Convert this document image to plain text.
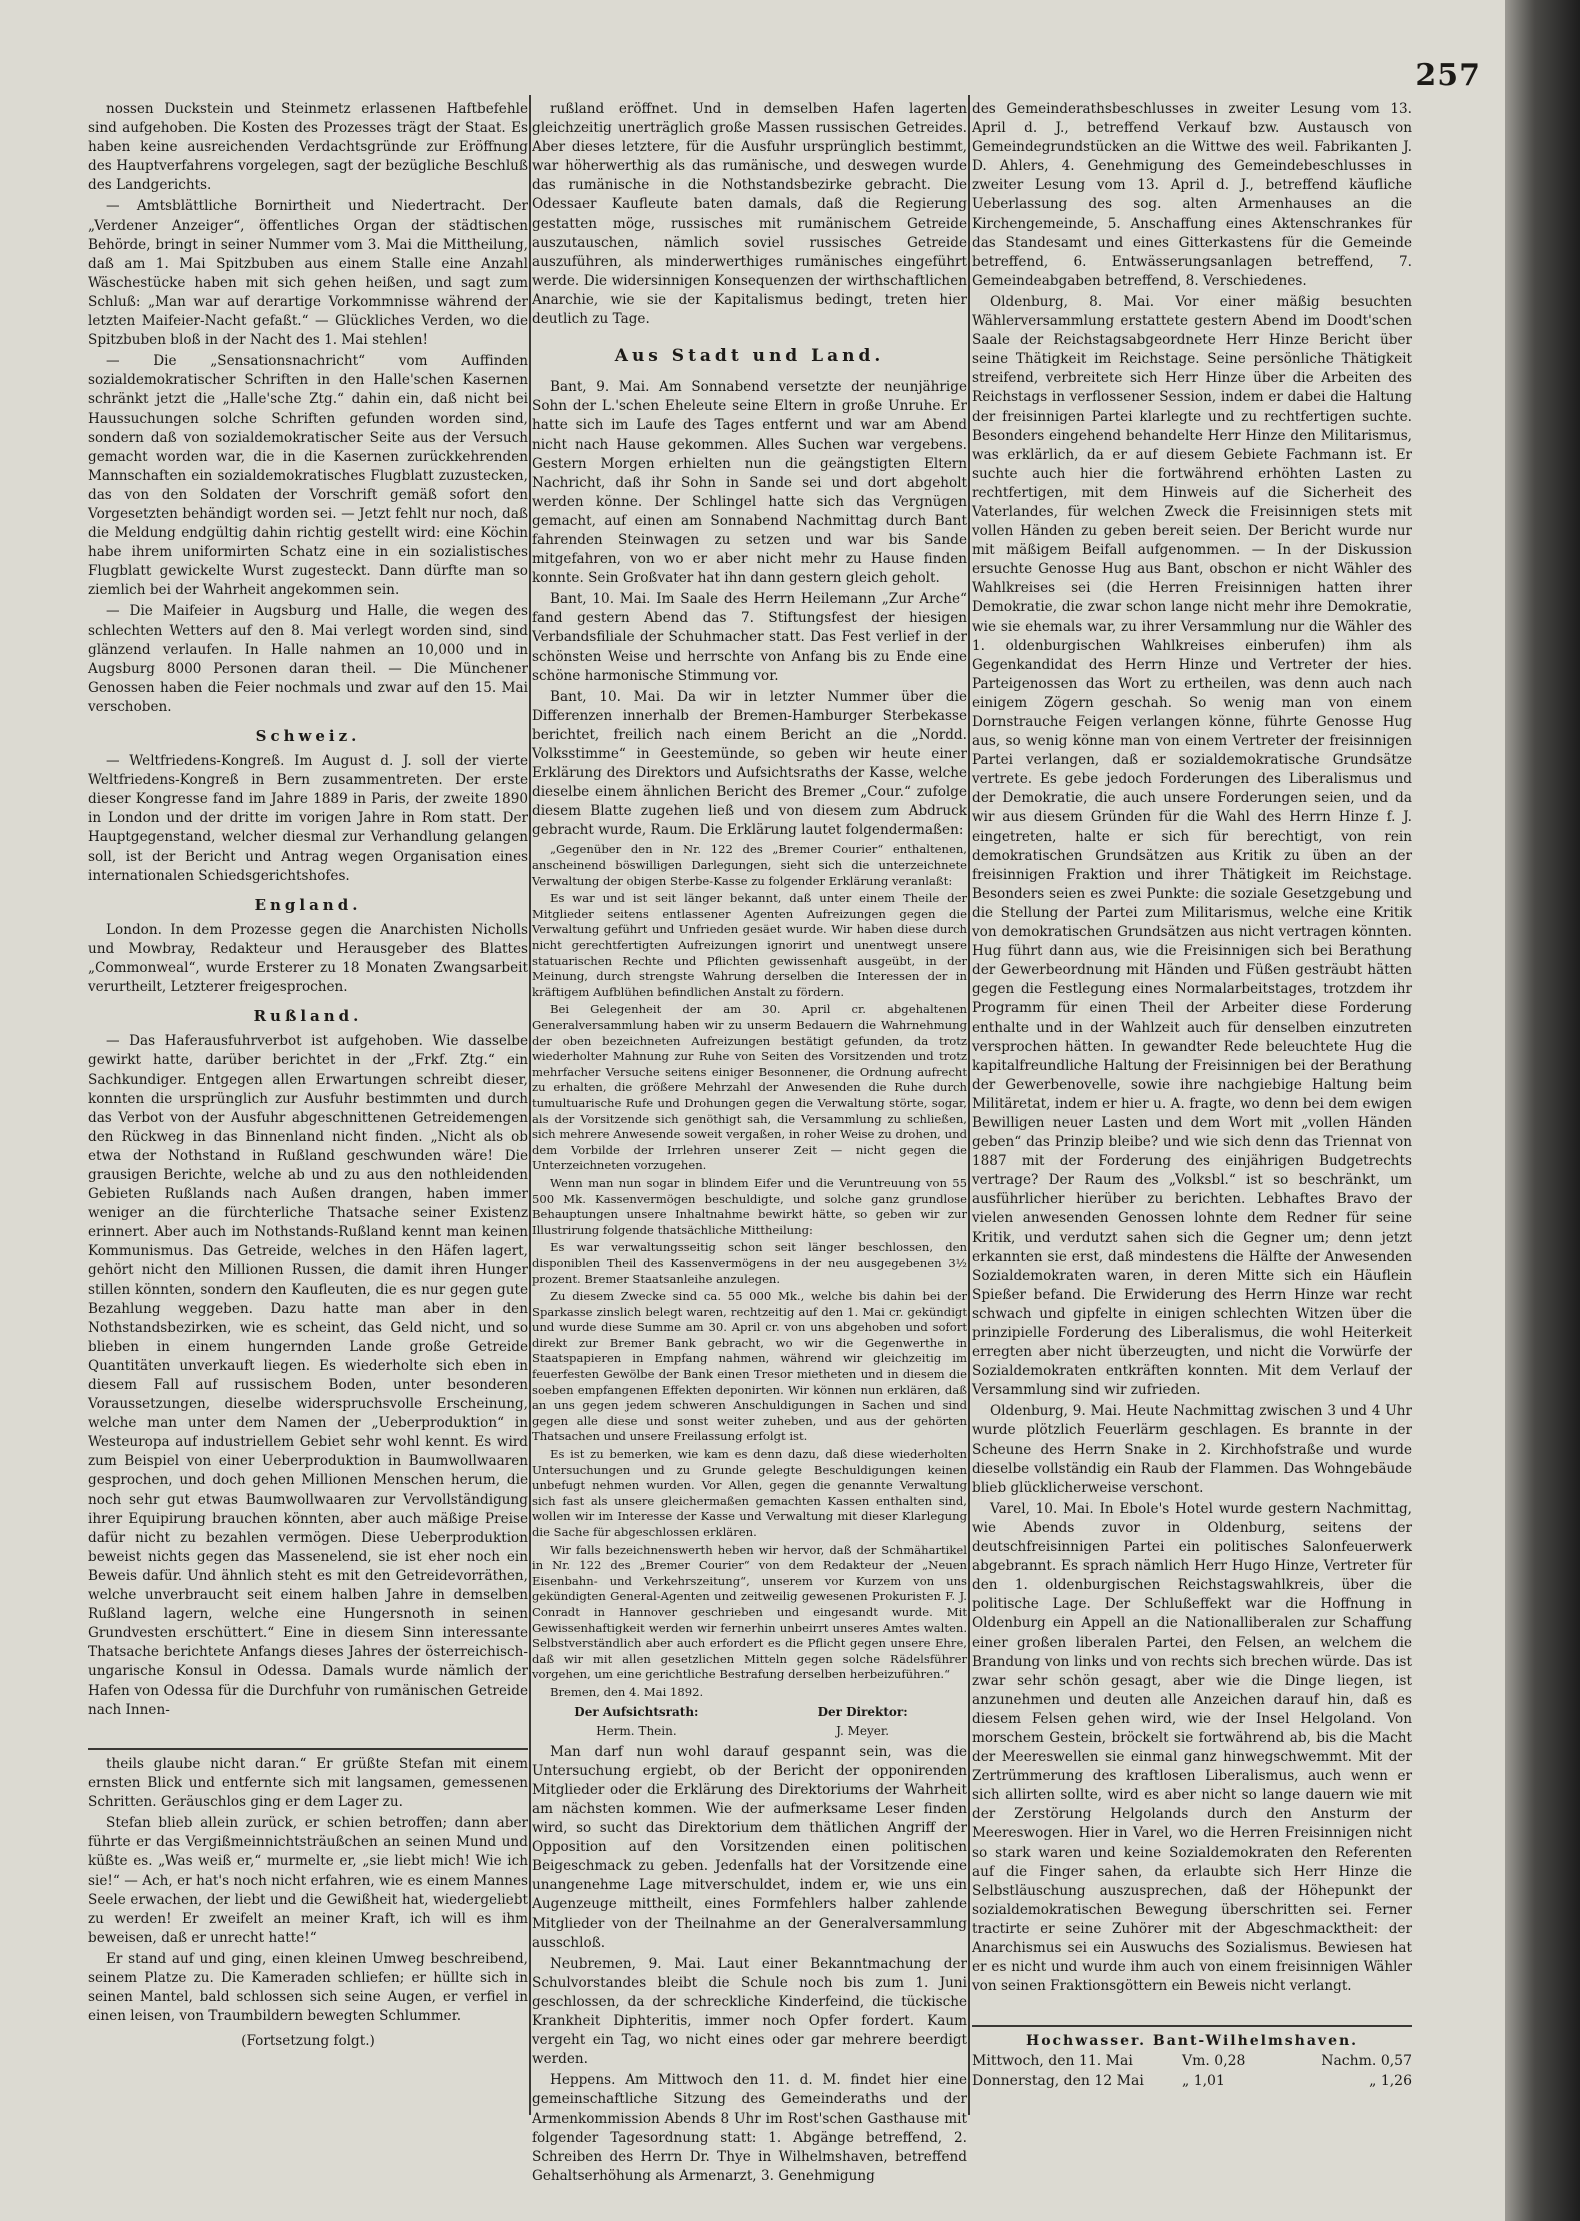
257

nossen Duckstein und Steinmetz erlassenen Haftbefehle sind aufgehoben. Die Kosten des Prozesses trägt der Staat. Es haben keine ausreichenden Verdachtsgründe zur Eröffnung des Hauptverfahrens vorgelegen, sagt der bezügliche Beschluß des Landgerichts.

— Amtsblättliche Bornirtheit und Niedertracht. Der „Verdener Anzeiger“, öffentliches Organ der städtischen Behörde, bringt in seiner Nummer vom 3. Mai die Mittheilung, daß am 1. Mai Spitzbuben aus einem Stalle eine Anzahl Wäschestücke haben mit sich gehen heißen, und sagt zum Schluß: „Man war auf derartige Vorkommnisse während der letzten Maifeier-Nacht gefaßt.“ — Glückliches Verden, wo die Spitzbuben bloß in der Nacht des 1. Mai stehlen!

— Die „Sensationsnachricht“ vom Auffinden sozialdemokratischer Schriften in den Halle'schen Kasernen schränkt jetzt die „Halle'sche Ztg.“ dahin ein, daß nicht bei Haussuchungen solche Schriften gefunden worden sind, sondern daß von sozialdemokratischer Seite aus der Versuch gemacht worden war, die in die Kasernen zurückkehrenden Mannschaften ein sozialdemokratisches Flugblatt zuzustecken, das von den Soldaten der Vorschrift gemäß sofort den Vorgesetzten behändigt worden sei. — Jetzt fehlt nur noch, daß die Meldung endgültig dahin richtig gestellt wird: eine Köchin habe ihrem uniformirten Schatz eine in ein sozialistisches Flugblatt gewickelte Wurst zugesteckt. Dann dürfte man so ziemlich bei der Wahrheit angekommen sein.

— Die Maifeier in Augsburg und Halle, die wegen des schlechten Wetters auf den 8. Mai verlegt worden sind, sind glänzend verlaufen. In Halle nahmen an 10,000 und in Augsburg 8000 Personen daran theil. — Die Münchener Genossen haben die Feier nochmals und zwar auf den 15. Mai verschoben.

Schweiz.

— Weltfriedens-Kongreß. Im August d. J. soll der vierte Weltfriedens-Kongreß in Bern zusammentreten. Der erste dieser Kongresse fand im Jahre 1889 in Paris, der zweite 1890 in London und der dritte im vorigen Jahre in Rom statt. Der Hauptgegenstand, welcher diesmal zur Verhandlung gelangen soll, ist der Bericht und Antrag wegen Organisation eines internationalen Schiedsgerichtshofes.

England.

London. In dem Prozesse gegen die Anarchisten Nicholls und Mowbray, Redakteur und Herausgeber des Blattes „Commonweal“, wurde Ersterer zu 18 Monaten Zwangsarbeit verurtheilt, Letzterer freigesprochen.

Rußland.

— Das Haferausfuhrverbot ist aufgehoben. Wie dasselbe gewirkt hatte, darüber berichtet in der „Frkf. Ztg.“ ein Sachkundiger. Entgegen allen Erwartungen schreibt dieser, konnten die ursprünglich zur Ausfuhr bestimmten und durch das Verbot von der Ausfuhr abgeschnittenen Getreidemengen den Rückweg in das Binnenland nicht finden. „Nicht als ob etwa der Nothstand in Rußland geschwunden wäre! Die grausigen Berichte, welche ab und zu aus den nothleidenden Gebieten Rußlands nach Außen drangen, haben immer weniger an die fürchterliche Thatsache seiner Existenz erinnert. Aber auch im Nothstands-Rußland kennt man keinen Kommunismus. Das Getreide, welches in den Häfen lagert, gehört nicht den Millionen Russen, die damit ihren Hunger stillen könnten, sondern den Kaufleuten, die es nur gegen gute Bezahlung weggeben. Dazu hatte man aber in den Nothstandsbezirken, wie es scheint, das Geld nicht, und so blieben in einem hungernden Lande große Getreide Quantitäten unverkauft liegen. Es wiederholte sich eben in diesem Fall auf russischem Boden, unter besonderen Voraussetzungen, dieselbe widerspruchsvolle Erscheinung, welche man unter dem Namen der „Ueberproduktion“ in Westeuropa auf industriellem Gebiet sehr wohl kennt. Es wird zum Beispiel von einer Ueberproduktion in Baumwollwaaren gesprochen, und doch gehen Millionen Menschen herum, die noch sehr gut etwas Baumwollwaaren zur Vervollständigung ihrer Equipirung brauchen könnten, aber auch mäßige Preise dafür nicht zu bezahlen vermögen. Diese Ueberproduktion beweist nichts gegen das Massenelend, sie ist eher noch ein Beweis dafür. Und ähnlich steht es mit den Getreidevorräthen, welche unverbraucht seit einem halben Jahre in demselben Rußland lagern, welche eine Hungersnoth in seinen Grundvesten erschüttert.“ Eine in diesem Sinn interessante Thatsache berichtete Anfangs dieses Jahres der österreichisch-ungarische Konsul in Odessa. Damals wurde nämlich der Hafen von Odessa für die Durchfuhr von rumänischen Getreide nach Innen-

theils glaube nicht daran.“ Er grüßte Stefan mit einem ernsten Blick und entfernte sich mit langsamen, gemessenen Schritten. Geräuschlos ging er dem Lager zu.

Stefan blieb allein zurück, er schien betroffen; dann aber führte er das Vergißmeinnichtsträußchen an seinen Mund und küßte es. „Was weiß er,“ murmelte er, „sie liebt mich! Wie ich sie!“ — Ach, er hat's noch nicht erfahren, wie es einem Mannes Seele erwachen, der liebt und die Gewißheit hat, wiedergeliebt zu werden! Er zweifelt an meiner Kraft, ich will es ihm beweisen, daß er unrecht hatte!“

Er stand auf und ging, einen kleinen Umweg beschreibend, seinem Platze zu. Die Kameraden schliefen; er hüllte sich in seinen Mantel, bald schlossen sich seine Augen, er verfiel in einen leisen, von Traumbildern bewegten Schlummer.

(Fortsetzung folgt.)

rußland eröffnet. Und in demselben Hafen lagerten gleichzeitig unerträglich große Massen russischen Getreides. Aber dieses letztere, für die Ausfuhr ursprünglich bestimmt, war höherwerthig als das rumänische, und deswegen wurde das rumänische in die Nothstandsbezirke gebracht. Die Odessaer Kaufleute baten damals, daß die Regierung gestatten möge, russisches mit rumänischem Getreide auszutauschen, nämlich soviel russisches Getreide auszuführen, als minderwerthiges rumänisches eingeführt werde. Die widersinnigen Konsequenzen der wirthschaftlichen Anarchie, wie sie der Kapitalismus bedingt, treten hier deutlich zu Tage.

Aus Stadt und Land.

Bant, 9. Mai. Am Sonnabend versetzte der neunjährige Sohn der L.'schen Eheleute seine Eltern in große Unruhe. Er hatte sich im Laufe des Tages entfernt und war am Abend nicht nach Hause gekommen. Alles Suchen war vergebens. Gestern Morgen erhielten nun die geängstigten Eltern Nachricht, daß ihr Sohn in Sande sei und dort abgeholt werden könne. Der Schlingel hatte sich das Vergnügen gemacht, auf einen am Sonnabend Nachmittag durch Bant fahrenden Steinwagen zu setzen und war bis Sande mitgefahren, von wo er aber nicht mehr zu Hause finden konnte. Sein Großvater hat ihn dann gestern gleich geholt.

Bant, 10. Mai. Im Saale des Herrn Heilemann „Zur Arche“ fand gestern Abend das 7. Stiftungsfest der hiesigen Verbandsfiliale der Schuhmacher statt. Das Fest verlief in der schönsten Weise und herrschte von Anfang bis zu Ende eine schöne harmonische Stimmung vor.

Bant, 10. Mai. Da wir in letzter Nummer über die Differenzen innerhalb der Bremen-Hamburger Sterbekasse berichtet, freilich nach einem Bericht an die „Nordd. Volksstimme“ in Geestemünde, so geben wir heute einer Erklärung des Direktors und Aufsichtsraths der Kasse, welche dieselbe einem ähnlichen Bericht des Bremer „Cour.“ zufolge diesem Blatte zugehen ließ und von diesem zum Abdruck gebracht wurde, Raum. Die Erklärung lautet folgendermaßen:

„Gegenüber den in Nr. 122 des „Bremer Courier“ enthaltenen, anscheinend böswilligen Darlegungen, sieht sich die unterzeichnete Verwaltung der obigen Sterbe-Kasse zu folgender Erklärung veranlaßt:

Es war und ist seit länger bekannt, daß unter einem Theile der Mitglieder seitens entlassener Agenten Aufreizungen gegen die Verwaltung geführt und Unfrieden gesäet wurde. Wir haben diese durch nicht gerechtfertigten Aufreizungen ignorirt und unentwegt unsere statuarischen Rechte und Pflichten gewissenhaft ausgeübt, in der Meinung, durch strengste Wahrung derselben die Interessen der in kräftigem Aufblühen befindlichen Anstalt zu fördern.

Bei Gelegenheit der am 30. April cr. abgehaltenen Generalversammlung haben wir zu unserm Bedauern die Wahrnehmung der oben bezeichneten Aufreizungen bestätigt gefunden, da trotz wiederholter Mahnung zur Ruhe von Seiten des Vorsitzenden und trotz mehrfacher Versuche seitens einiger Besonnener, die Ordnung aufrecht zu erhalten, die größere Mehrzahl der Anwesenden die Ruhe durch tumultuarische Rufe und Drohungen gegen die Verwaltung störte, sogar, als der Vorsitzende sich genöthigt sah, die Versammlung zu schließen, sich mehrere Anwesende soweit vergaßen, in roher Weise zu drohen, und dem Vorbilde der Irrlehren unserer Zeit — nicht gegen die Unterzeichneten vorzugehen.

Wenn man nun sogar in blindem Eifer und die Veruntreuung von 55 500 Mk. Kassenvermögen beschuldigte, und solche ganz grundlose Behauptungen unsere Inhaltnahme bewirkt hätte, so geben wir zur Illustrirung folgende thatsächliche Mittheilung:

Es war verwaltungsseitig schon seit länger beschlossen, den disponiblen Theil des Kassenvermögens in der neu ausgegebenen 3½ prozent. Bremer Staatsanleihe anzulegen.

Zu diesem Zwecke sind ca. 55 000 Mk., welche bis dahin bei der Sparkasse zinslich belegt waren, rechtzeitig auf den 1. Mai cr. gekündigt und wurde diese Summe am 30. April cr. von uns abgehoben und sofort direkt zur Bremer Bank gebracht, wo wir die Gegenwerthe in Staatspapieren in Empfang nahmen, während wir gleichzeitig im feuerfesten Gewölbe der Bank einen Tresor mietheten und in diesem die soeben empfangenen Effekten deponirten. Wir können nun erklären, daß an uns gegen jedem schweren Anschuldigungen in Sachen und sind gegen alle diese und sonst weiter zuheben, und aus der gehörten Thatsachen und unsere Freilassung erfolgt ist.

Es ist zu bemerken, wie kam es denn dazu, daß diese wiederholten Untersuchungen und zu Grunde gelegte Beschuldigungen keinen unbefugt nehmen wurden. Vor Allen, gegen die genannte Verwaltung sich fast als unsere gleichermaßen gemachten Kassen enthalten sind, wollen wir im Interesse der Kasse und Verwaltung mit dieser Klarlegung die Sache für abgeschlossen erklären.

Wir falls bezeichnenswerth heben wir hervor, daß der Schmähartikel in Nr. 122 des „Bremer Courier“ von dem Redakteur der „Neuen Eisenbahn- und Verkehrszeitung“, unserem vor Kurzem von uns gekündigten General-Agenten und zeitweilig gewesenen Prokuristen F. J. Conradt in Hannover geschrieben und eingesandt wurde. Mit Gewissenhaftigkeit werden wir fernerhin unbeirrt unseres Amtes walten. Selbstverständlich aber auch erfordert es die Pflicht gegen unsere Ehre, daß wir mit allen gesetzlichen Mitteln gegen solche Rädelsführer vorgehen, um eine gerichtliche Bestrafung derselben herbeizuführen.“

Bremen, den 4. Mai 1892.

Der Aufsichtsrath:
Herm. Thein.
Der Direktor:
J. Meyer.

Man darf nun wohl darauf gespannt sein, was die Untersuchung ergiebt, ob der Bericht der opponirenden Mitglieder oder die Erklärung des Direktoriums der Wahrheit am nächsten kommen. Wie der aufmerksame Leser finden wird, so sucht das Direktorium dem thätlichen Angriff der Opposition auf den Vorsitzenden einen politischen Beigeschmack zu geben. Jedenfalls hat der Vorsitzende eine unangenehme Lage mitverschuldet, indem er, wie uns ein Augenzeuge mittheilt, eines Formfehlers halber zahlende Mitglieder von der Theilnahme an der Generalversammlung ausschloß.

Neubremen, 9. Mai. Laut einer Bekanntmachung der Schulvorstandes bleibt die Schule noch bis zum 1. Juni geschlossen, da der schreckliche Kinderfeind, die tückische Krankheit Diphteritis, immer noch Opfer fordert. Kaum vergeht ein Tag, wo nicht eines oder gar mehrere beerdigt werden.

Heppens. Am Mittwoch den 11. d. M. findet hier eine gemeinschaftliche Sitzung des Gemeinderaths und der Armenkommission Abends 8 Uhr im Rost'schen Gasthause mit folgender Tagesordnung statt: 1. Abgänge betreffend, 2. Schreiben des Herrn Dr. Thye in Wilhelmshaven, betreffend Gehaltserhöhung als Armenarzt, 3. Genehmigung

des Gemeinderathsbeschlusses in zweiter Lesung vom 13. April d. J., betreffend Verkauf bzw. Austausch von Gemeindegrundstücken an die Wittwe des weil. Fabrikanten J. D. Ahlers, 4. Genehmigung des Gemeindebeschlusses in zweiter Lesung vom 13. April d. J., betreffend käufliche Ueberlassung des sog. alten Armenhauses an die Kirchengemeinde, 5. Anschaffung eines Aktenschrankes für das Standesamt und eines Gitterkastens für die Gemeinde betreffend, 6. Entwässerungsanlagen betreffend, 7. Gemeindeabgaben betreffend, 8. Verschiedenes.

Oldenburg, 8. Mai. Vor einer mäßig besuchten Wählerversammlung erstattete gestern Abend im Doodt'schen Saale der Reichstagsabgeordnete Herr Hinze Bericht über seine Thätigkeit im Reichstage. Seine persönliche Thätigkeit streifend, verbreitete sich Herr Hinze über die Arbeiten des Reichstags in verflossener Session, indem er dabei die Haltung der freisinnigen Partei klarlegte und zu rechtfertigen suchte. Besonders eingehend behandelte Herr Hinze den Militarismus, was erklärlich, da er auf diesem Gebiete Fachmann ist. Er suchte auch hier die fortwährend erhöhten Lasten zu rechtfertigen, mit dem Hinweis auf die Sicherheit des Vaterlandes, für welchen Zweck die Freisinnigen stets mit vollen Händen zu geben bereit seien. Der Bericht wurde nur mit mäßigem Beifall aufgenommen. — In der Diskussion ersuchte Genosse Hug aus Bant, obschon er nicht Wähler des Wahlkreises sei (die Herren Freisinnigen hatten ihrer Demokratie, die zwar schon lange nicht mehr ihre Demokratie, wie sie ehemals war, zu ihrer Versammlung nur die Wähler des 1. oldenburgischen Wahlkreises einberufen) ihm als Gegenkandidat des Herrn Hinze und Vertreter der hies. Parteigenossen das Wort zu ertheilen, was denn auch nach einigem Zögern geschah. So wenig man von einem Dornstrauche Feigen verlangen könne, führte Genosse Hug aus, so wenig könne man von einem Vertreter der freisinnigen Partei verlangen, daß er sozialdemokratische Grundsätze vertrete. Es gebe jedoch Forderungen des Liberalismus und der Demokratie, die auch unsere Forderungen seien, und da wir aus diesem Gründen für die Wahl des Herrn Hinze f. J. eingetreten, halte er sich für berechtigt, von rein demokratischen Grundsätzen aus Kritik zu üben an der freisinnigen Fraktion und ihrer Thätigkeit im Reichstage. Besonders seien es zwei Punkte: die soziale Gesetzgebung und die Stellung der Partei zum Militarismus, welche eine Kritik von demokratischen Grundsätzen aus nicht vertragen könnten. Hug führt dann aus, wie die Freisinnigen sich bei Berathung der Gewerbeordnung mit Händen und Füßen gesträubt hätten gegen die Festlegung eines Normalarbeitstages, trotzdem ihr Programm für einen Theil der Arbeiter diese Forderung enthalte und in der Wahlzeit auch für denselben einzutreten versprochen hätten. In gewandter Rede beleuchtete Hug die kapitalfreundliche Haltung der Freisinnigen bei der Berathung der Gewerbenovelle, sowie ihre nachgiebige Haltung beim Militäretat, indem er hier u. A. fragte, wo denn bei dem ewigen Bewilligen neuer Lasten und dem Wort mit „vollen Händen geben“ das Prinzip bleibe? und wie sich denn das Triennat von 1887 mit der Forderung des einjährigen Budgetrechts vertrage? Der Raum des „Volksbl.“ ist so beschränkt, um ausführlicher hierüber zu berichten. Lebhaftes Bravo der vielen anwesenden Genossen lohnte dem Redner für seine Kritik, und verdutzt sahen sich die Gegner um; denn jetzt erkannten sie erst, daß mindestens die Hälfte der Anwesenden Sozialdemokraten waren, in deren Mitte sich ein Häuflein Spießer befand. Die Erwiderung des Herrn Hinze war recht schwach und gipfelte in einigen schlechten Witzen über die prinzipielle Forderung des Liberalismus, die wohl Heiterkeit erregten aber nicht überzeugten, und nicht die Vorwürfe der Sozialdemokraten entkräften konnten. Mit dem Verlauf der Versammlung sind wir zufrieden.

Oldenburg, 9. Mai. Heute Nachmittag zwischen 3 und 4 Uhr wurde plötzlich Feuerlärm geschlagen. Es brannte in der Scheune des Herrn Snake in 2. Kirchhofstraße und wurde dieselbe vollständig ein Raub der Flammen. Das Wohngebäude blieb glücklicherweise verschont.

Varel, 10. Mai. In Ebole's Hotel wurde gestern Nachmittag, wie Abends zuvor in Oldenburg, seitens der deutschfreisinnigen Partei ein politisches Salonfeuerwerk abgebrannt. Es sprach nämlich Herr Hugo Hinze, Vertreter für den 1. oldenburgischen Reichstagswahlkreis, über die politische Lage. Der Schlußeffekt war die Hoffnung in Oldenburg ein Appell an die Nationalliberalen zur Schaffung einer großen liberalen Partei, den Felsen, an welchem die Brandung von links und von rechts sich brechen würde. Das ist zwar sehr schön gesagt, aber wie die Dinge liegen, ist anzunehmen und deuten alle Anzeichen darauf hin, daß es diesem Felsen gehen wird, wie der Insel Helgoland. Von morschem Gestein, bröckelt sie fortwährend ab, bis die Macht der Meereswellen sie einmal ganz hinwegschwemmt. Mit der Zertrümmerung des kraftlosen Liberalismus, auch wenn er sich allirten sollte, wird es aber nicht so lange dauern wie mit der Zerstörung Helgolands durch den Ansturm der Meereswogen. Hier in Varel, wo die Herren Freisinnigen nicht so stark waren und keine Sozialdemokraten den Referenten auf die Finger sahen, da erlaubte sich Herr Hinze die Selbstläuschung auszusprechen, daß der Höhepunkt der sozialdemokratischen Bewegung überschritten sei. Ferner tractirte er seine Zuhörer mit der Abgeschmacktheit: der Anarchismus sei ein Auswuchs des Sozialismus. Bewiesen hat er es nicht und wurde ihm auch von einem freisinnigen Wähler von seinen Fraktionsgöttern ein Beweis nicht verlangt.

Hochwasser. Bant-Wilhelmshaven.
Mittwoch, den 11. Mai	Vm. 0,28	Nachm. 0,57
Donnerstag, den 12 Mai	„ 1,01	„ 1,26
